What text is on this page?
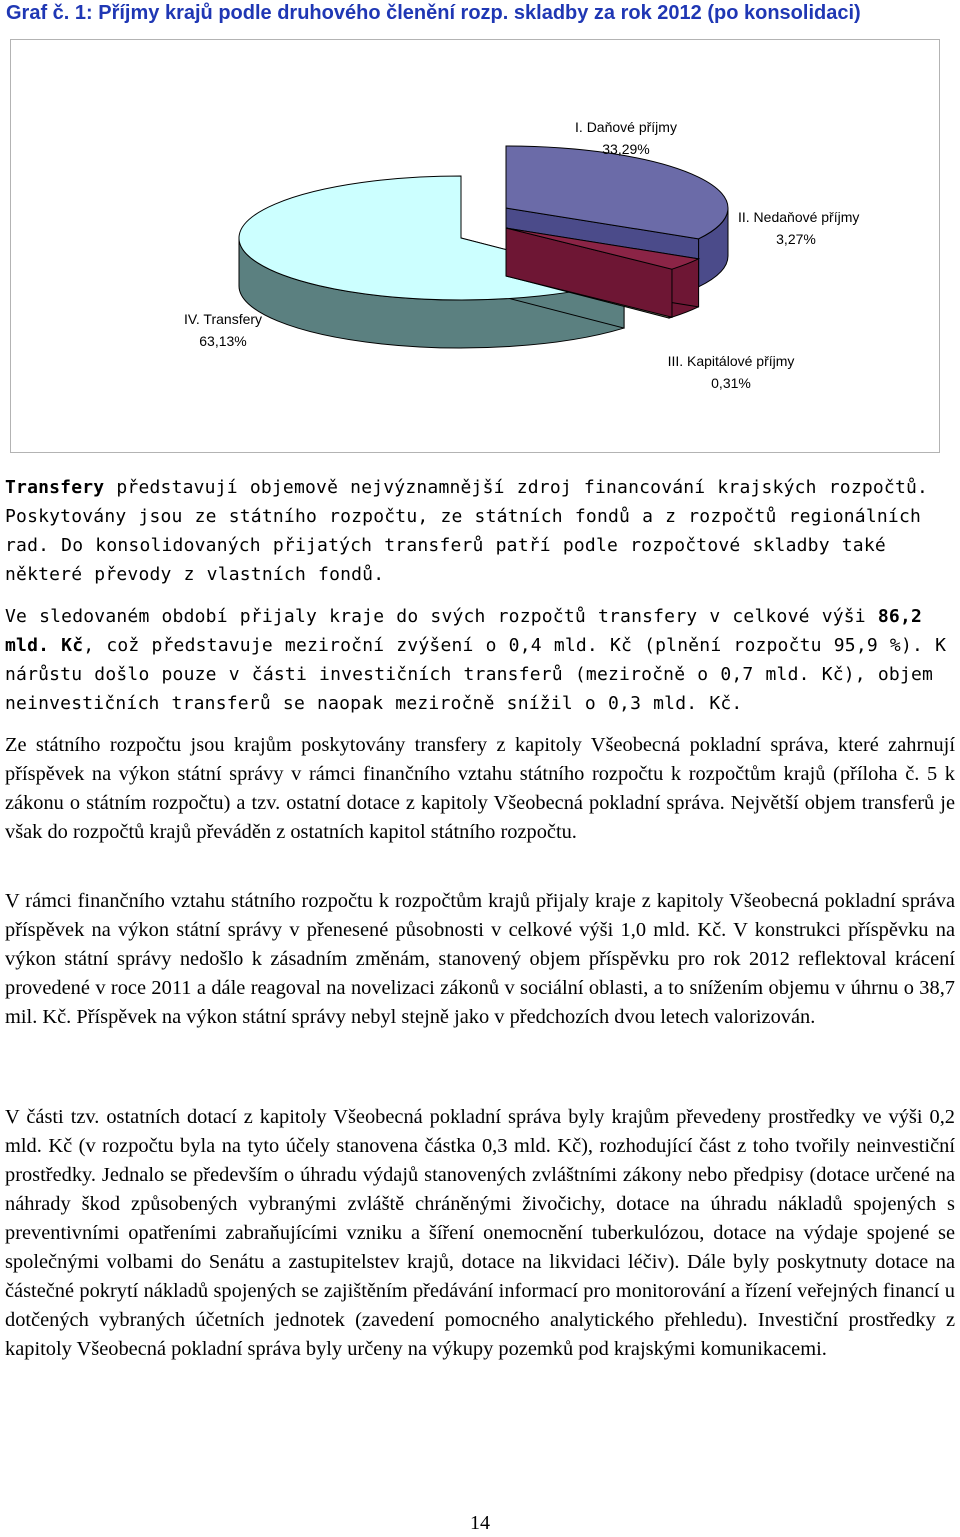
Graf č. 1: Příjmy krajů podle druhového členění rozp. skladby za rok 2012 (po konsolidaci)
I. Daňové příjmy
33,29%
II. Nedaňové příjmy
3,27%
IV. Transfery
63,13%
III. Kapitálové příjmy
0,31%
Transfery představují objemově nejvýznamnější zdroj financování krajských rozpočtů. Poskytovány jsou ze státního rozpočtu, ze státních fondů a z rozpočtů regionálních rad. Do konsolidovaných přijatých transferů patří podle rozpočtové skladby také některé převody z vlastních fondů.
Ve sledovaném období přijaly kraje do svých rozpočtů transfery v celkové výši 86,2 mld. Kč, což představuje meziroční zvýšení o 0,4 mld. Kč (plnění rozpočtu 95,9 %). K nárůstu došlo pouze v části investičních transferů (meziročně o 0,7 mld. Kč), objem neinvestičních transferů se naopak meziročně snížil o 0,3 mld. Kč.
Ze státního rozpočtu jsou krajům poskytovány transfery z kapitoly Všeobecná pokladní správa, které zahrnují příspěvek na výkon státní správy v rámci finančního vztahu státního rozpočtu k rozpočtům krajů (příloha č. 5 k zákonu o státním rozpočtu) a tzv. ostatní dotace z kapitoly Všeobecná pokladní správa. Největší objem transferů je však do rozpočtů krajů převáděn z ostatních kapitol státního rozpočtu.
V rámci finančního vztahu státního rozpočtu k rozpočtům krajů přijaly kraje z kapitoly Všeobecná pokladní správa příspěvek na výkon státní správy v přenesené působnosti v celkové výši 1,0 mld. Kč. V konstrukci příspěvku na výkon státní správy nedošlo k zásadním změnám, stanovený objem příspěvku pro rok 2012 reflektoval krácení provedené v roce 2011 a dále reagoval na novelizaci zákonů v sociální oblasti, a to snížením objemu v úhrnu o 38,7 mil. Kč. Příspěvek na výkon státní správy nebyl stejně jako v předchozích dvou letech valorizován.
V části tzv. ostatních dotací z kapitoly Všeobecná pokladní správa byly krajům převedeny prostředky ve výši 0,2 mld. Kč (v rozpočtu byla na tyto účely stanovena částka 0,3 mld. Kč), rozhodující část z toho tvořily neinvestiční prostředky. Jednalo se především o úhradu výdajů stanovených zvláštními zákony nebo předpisy (dotace určené na náhrady škod způsobených vybranými zvláště chráněnými živočichy, dotace na úhradu nákladů spojených s preventivními opatřeními zabraňujícími vzniku a šíření onemocnění tuberkulózou, dotace na výdaje spojené se společnými volbami do Senátu a zastupitelstev krajů, dotace na likvidaci léčiv). Dále byly poskytnuty dotace na částečné pokrytí nákladů spojených se zajištěním předávání informací pro monitorování a řízení veřejných financí u dotčených vybraných účetních jednotek (zavedení pomocného analytického přehledu). Investiční prostředky z kapitoly Všeobecná pokladní správa byly určeny na výkupy pozemků pod krajskými komunikacemi.
14
